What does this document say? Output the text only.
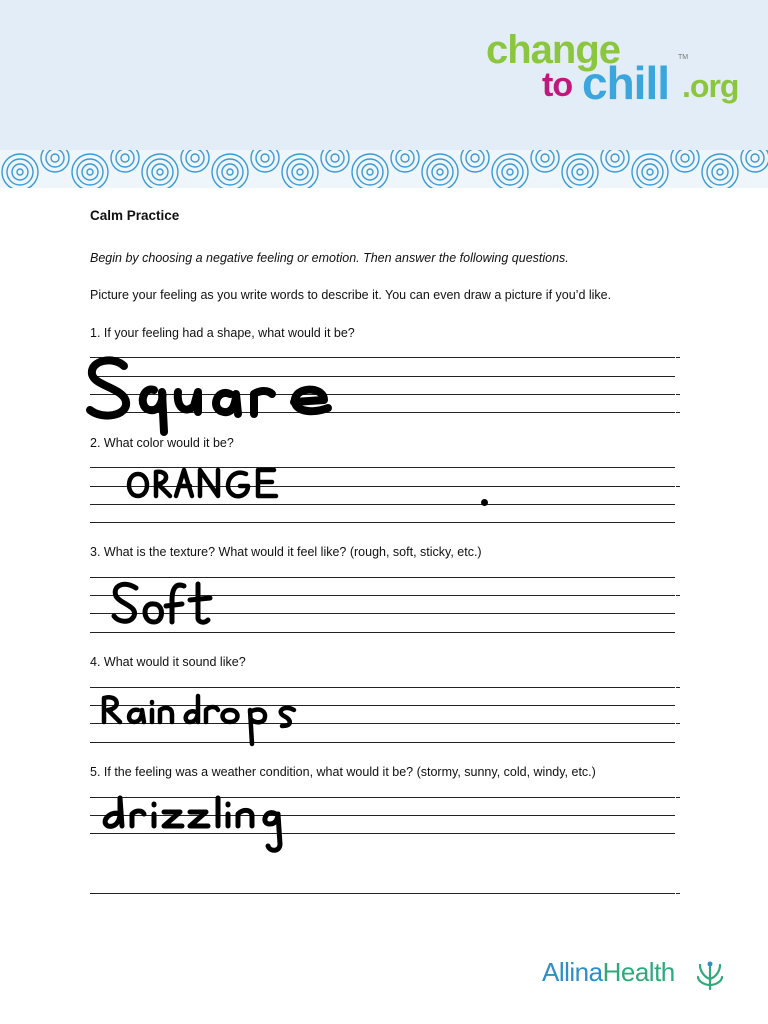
change
to chill TM
.org
Calm Practice
Begin by choosing a negative feeling or emotion. Then answer the following questions.
Picture your feeling as you write words to describe it. You can even draw a picture if you’d like.
1. If your feeling had a shape, what would it be?
2. What color would it be?
3. What is the texture? What would it feel like? (rough, soft, sticky, etc.)
4. What would it sound like?
5. If the feeling was a weather condition, what would it be? (stormy, sunny, cold, windy, etc.)
AllinaHealth
